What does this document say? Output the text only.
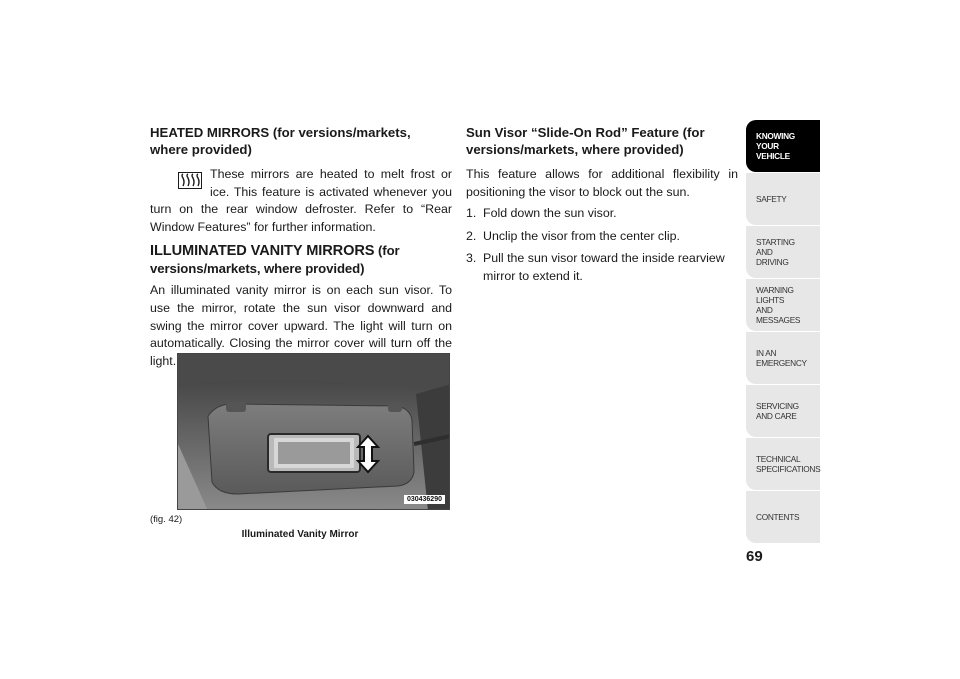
HEATED MIRRORS (for versions/markets, where provided)

These mirrors are heated to melt frost or ice. This feature is activated whenever you turn on the rear window defroster. Refer to “Rear Window Features” for further information.

ILLUMINATED VANITY MIRRORS (for versions/markets, where provided)

An illuminated vanity mirror is on each sun visor. To use the mirror, rotate the sun visor downward and swing the mirror cover upward. The light will turn on automatically. Closing the mirror cover will turn off the light.

030436290
(fig. 42)
Illuminated Vanity Mirror
Sun Visor “Slide-On Rod” Feature (for versions/markets, where provided)

This feature allows for additional flexibility in positioning the visor to block out the sun.

1. Fold down the sun visor.
2. Unclip the visor from the center clip.
3. Pull the sun visor toward the inside rearview mirror to extend it.
KNOWING
YOUR
VEHICLE
SAFETY
STARTING
AND
DRIVING
WARNING
LIGHTS
AND
MESSAGES
IN AN
EMERGENCY
SERVICING
AND CARE
TECHNICAL
SPECIFICATIONS
CONTENTS
69
